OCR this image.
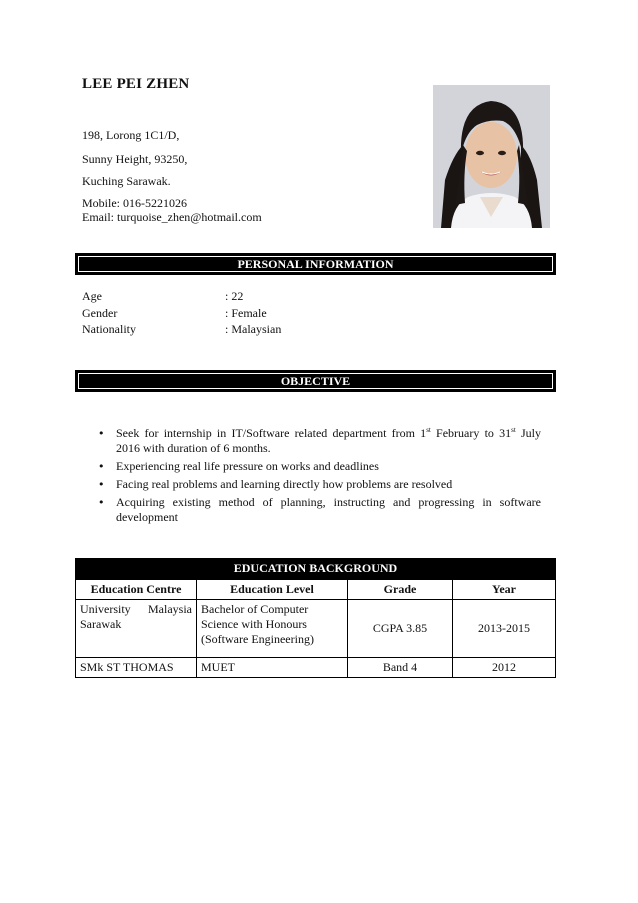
LEE PEI ZHEN
198, Lorong 1C1/D,
Sunny Height, 93250,
Kuching Sarawak.
Mobile: 016-5221026
Email: turquoise_zhen@hotmail.com
PERSONAL INFORMATION
Age	: 22
Gender	: Female
Nationality	: Malaysian
OBJECTIVE
• Seek for internship in IT/Software related department from 1st February to 31st July 2016 with duration of 6 months.
• Experiencing real life pressure on works and deadlines
• Facing real problems and learning directly how problems are resolved
• Acquiring existing method of planning, instructing and progressing in software development
EDUCATION BACKGROUND			
Education Centre	Education Level	Grade	Year
University Malaysia Sarawak	Bachelor of Computer Science with Honours (Software Engineering)	CGPA 3.85	2013-2015
SMk ST THOMAS	MUET	Band 4	2012
